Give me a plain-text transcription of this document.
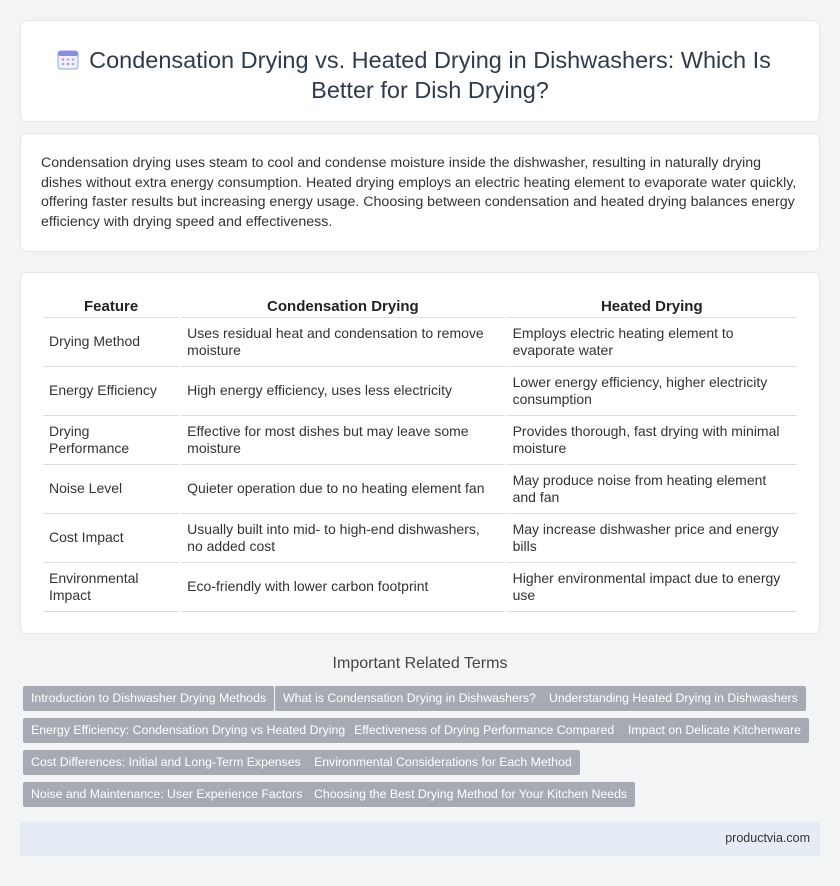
Condensation Drying vs. Heated Drying in Dishwashers: Which Is Better for Dish Drying?

Condensation drying uses steam to cool and condense moisture inside the dishwasher, resulting in naturally drying dishes without extra energy consumption. Heated drying employs an electric heating element to evaporate water quickly, offering faster results but increasing energy usage. Choosing between condensation and heated drying balances energy efficiency with drying speed and effectiveness.

Feature	Condensation Drying	Heated Drying
Drying Method	Uses residual heat and condensation to remove moisture	Employs electric heating element to evaporate water
Energy Efficiency	High energy efficiency, uses less electricity	Lower energy efficiency, higher electricity consumption
Drying Performance	Effective for most dishes but may leave some moisture	Provides thorough, fast drying with minimal moisture
Noise Level	Quieter operation due to no heating element fan	May produce noise from heating element and fan
Cost Impact	Usually built into mid- to high-end dishwashers, no added cost	May increase dishwasher price and energy bills
Environmental Impact	Eco-friendly with lower carbon footprint	Higher environmental impact due to energy use
Important Related Terms
Introduction to Dishwasher Drying Methods	What is Condensation Drying in Dishwashers?	Understanding Heated Drying in Dishwashers
Energy Efficiency: Condensation Drying vs Heated Drying Effectiveness of Drying Performance Compared	Impact on Delicate Kitchenware
Cost Differences: Initial and Long-Term Expenses	Environmental Considerations for Each Method
Noise and Maintenance: User Experience Factors Choosing the Best Drying Method for Your Kitchen Needs
productvia.com
